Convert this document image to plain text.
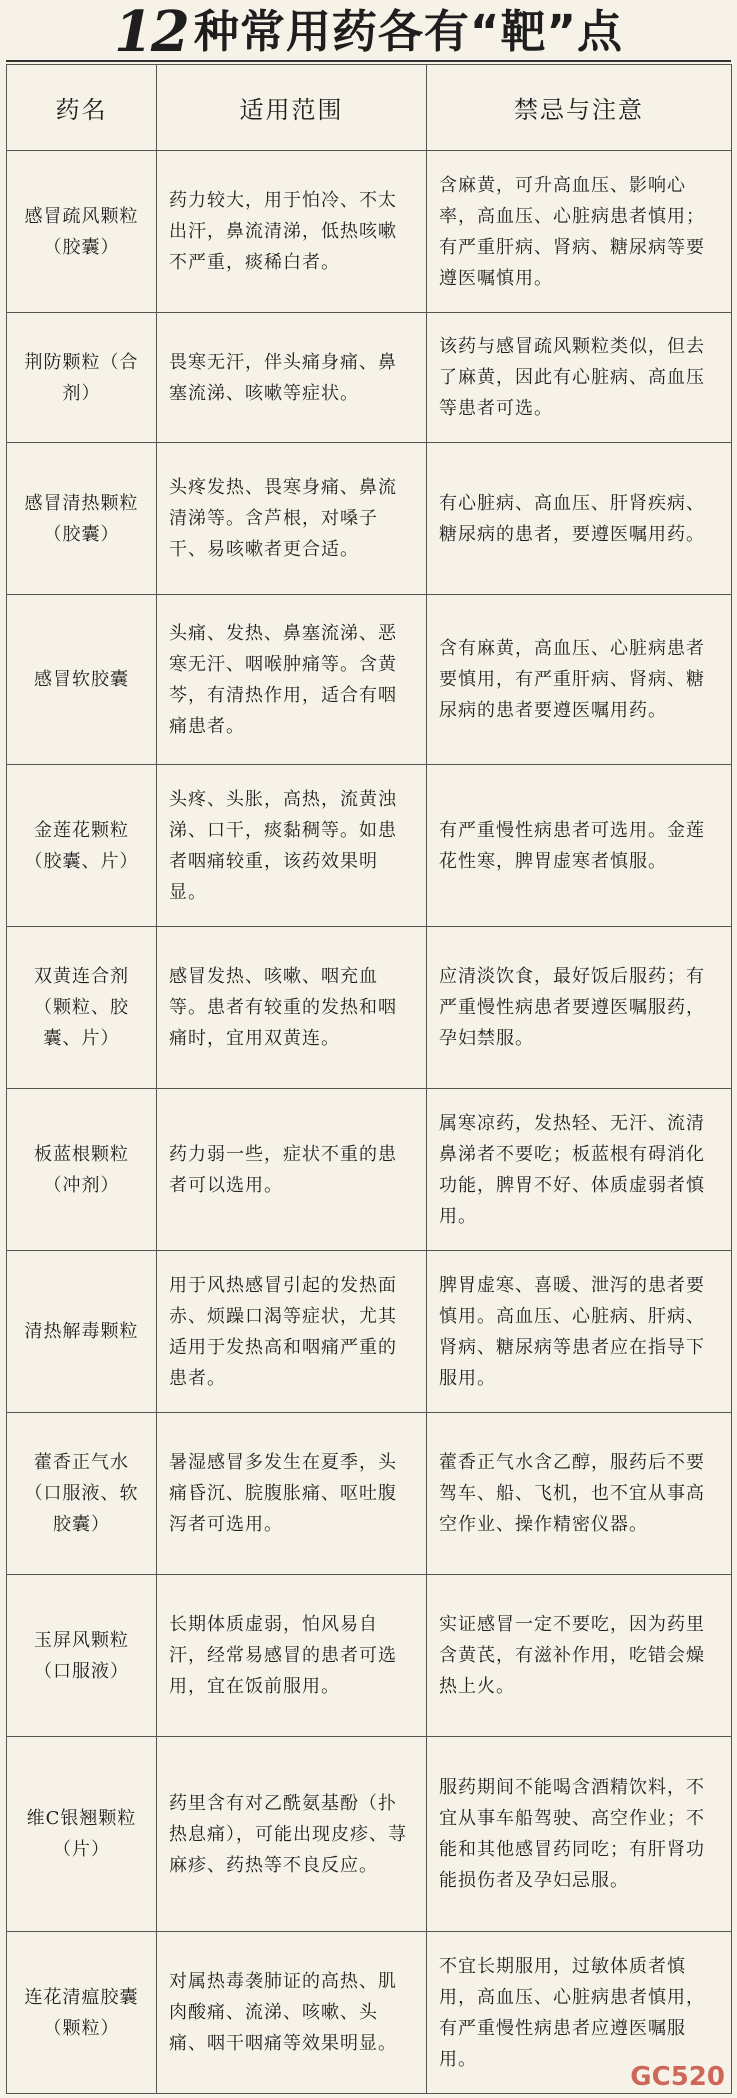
12 种常用药各有“靶”点
药名	适用范围	禁忌与注意
感冒疏风颗粒（胶囊）	药力较大，用于怕冷、不太出汗，鼻流清涕，低热咳嗽不严重，痰稀白者。	含麻黄，可升高血压、影响心率，高血压、心脏病患者慎用；有严重肝病、肾病、糖尿病等要遵医嘱慎用。
荆防颗粒（合剂）	畏寒无汗，伴头痛身痛、鼻塞流涕、咳嗽等症状。	该药与感冒疏风颗粒类似，但去了麻黄，因此有心脏病、高血压等患者可选。
感冒清热颗粒（胶囊）	头疼发热、畏寒身痛、鼻流清涕等。含芦根，对嗓子干、易咳嗽者更合适。	有心脏病、高血压、肝肾疾病、糖尿病的患者，要遵医嘱用药。
感冒软胶囊	头痛、发热、鼻塞流涕、恶寒无汗、咽喉肿痛等。含黄芩，有清热作用，适合有咽痛患者。	含有麻黄，高血压、心脏病患者要慎用，有严重肝病、肾病、糖尿病的患者要遵医嘱用药。
金莲花颗粒（胶囊、片）	头疼、头胀，高热，流黄浊涕、口干，痰黏稠等。如患者咽痛较重，该药效果明显。	有严重慢性病患者可选用。金莲花性寒，脾胃虚寒者慎服。
双黄连合剂（颗粒、胶囊、片）	感冒发热、咳嗽、咽充血等。患者有较重的发热和咽痛时，宜用双黄连。	应清淡饮食，最好饭后服药；有严重慢性病患者要遵医嘱服药，孕妇禁服。
板蓝根颗粒（冲剂）	药力弱一些，症状不重的患者可以选用。	属寒凉药，发热轻、无汗、流清鼻涕者不要吃；板蓝根有碍消化功能，脾胃不好、体质虚弱者慎用。
清热解毒颗粒	用于风热感冒引起的发热面赤、烦躁口渴等症状，尤其适用于发热高和咽痛严重的患者。	脾胃虚寒、喜暖、泄泻的患者要慎用。高血压、心脏病、肝病、肾病、糖尿病等患者应在指导下服用。
藿香正气水（口服液、软胶囊）	暑湿感冒多发生在夏季，头痛昏沉、脘腹胀痛、呕吐腹泻者可选用。	藿香正气水含乙醇，服药后不要驾车、船、飞机，也不宜从事高空作业、操作精密仪器。
玉屏风颗粒（口服液）	长期体质虚弱，怕风易自汗，经常易感冒的患者可选用，宜在饭前服用。	实证感冒一定不要吃，因为药里含黄芪，有滋补作用，吃错会燥热上火。
维C银翘颗粒（片）	药里含有对乙酰氨基酚（扑热息痛），可能出现皮疹、荨麻疹、药热等不良反应。	服药期间不能喝含酒精饮料，不宜从事车船驾驶、高空作业；不能和其他感冒药同吃；有肝肾功能损伤者及孕妇忌服。
连花清瘟胶囊（颗粒）	对属热毒袭肺证的高热、肌肉酸痛、流涕、咳嗽、头痛、咽干咽痛等效果明显。	不宜长期服用，过敏体质者慎用，高血压、心脏病患者慎用，有严重慢性病患者应遵医嘱服用。
GC520
